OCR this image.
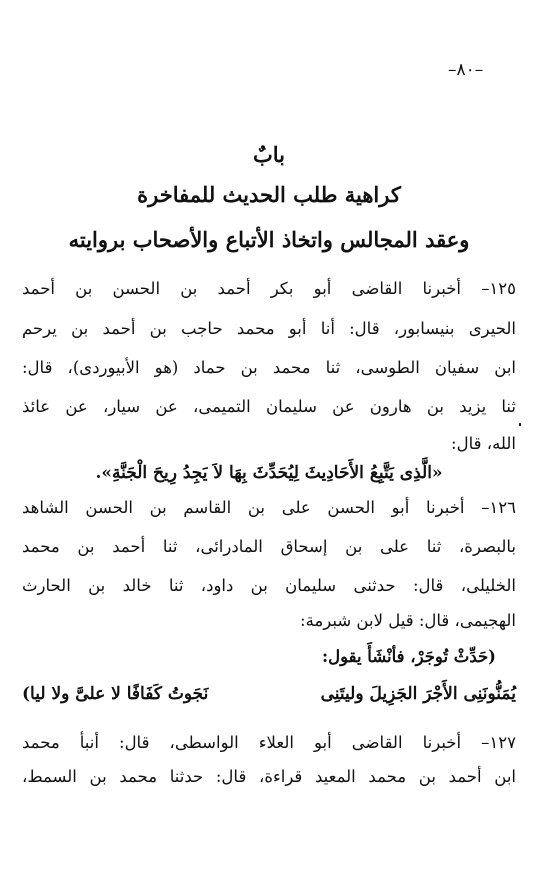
–٨٠–
بابٌ
كراهية طلب الحديث للمفاخرة
وعقد المجالس واتخاذ الأتباع والأصحاب بروايته
١٢٥– أخبرنا القاضى أبو بكر أحمد بن الحسن بن أحمد
الحيرى بنيسابور، قال: أنا أبو محمد حاجب بن أحمد بن يرحم
ابن سفيان الطوسى، ثنا محمد بن حماد (هو الأبيوردى)، قال:
ثنا يزيد بن هارون عن سليمان التميمى، عن سيار، عن عائذ
الله، قال:
«الَّذِى يَتَّبِعُ الأَحَادِيثَ لِيُحَدِّثَ بِهَا لاَ يَجِدُ رِيحَ الْجَنَّةِ».
١٢٦– أخبرنا أبو الحسن على بن القاسم بن الحسن الشاهد
بالبصرة، ثنا على بن إسحاق المادرائى، ثنا أحمد بن محمد
الخليلى، قال: حدثنى سليمان بن داود، ثنا خالد بن الحارث
الهجيمى، قال: قيل لابن شبرمة:
(حَدِّثْ تُوجَرْ، فأنْشَأَ يقول:
يُمَنُّونَنِى الأَجْرَ الجَزِيلَ وليتَنِى
نَجَوتُ كَفَافًا لا علىَّ ولا ليا)
١٢٧– أخبرنا القاضى أبو العلاء الواسطى، قال: أنبأ محمد
ابن أحمد بن محمد المعيد قراءة، قال: حدثنا محمد بن السمط،
